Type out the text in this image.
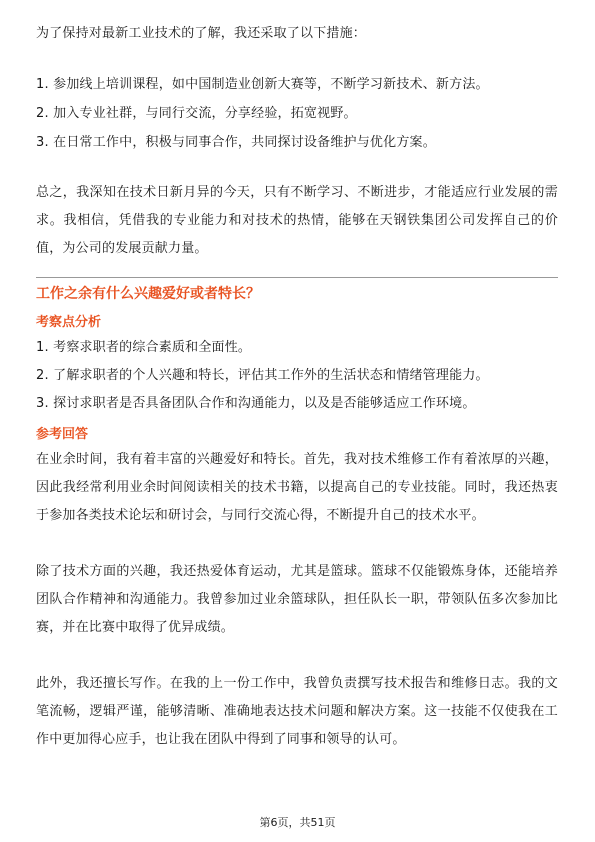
为了保持对最新工业技术的了解，我还采取了以下措施：

1. 参加线上培训课程，如中国制造业创新大赛等，不断学习新技术、新方法。

2. 加入专业社群，与同行交流，分享经验，拓宽视野。

3. 在日常工作中，积极与同事合作，共同探讨设备维护与优化方案。

总之，我深知在技术日新月异的今天，只有不断学习、不断进步，才能适应行业发展的需求。我相信，凭借我的专业能力和对技术的热情，能够在天钢铁集团公司发挥自己的价值，为公司的发展贡献力量。

工作之余有什么兴趣爱好或者特长？
考察点分析

1. 考察求职者的综合素质和全面性。

2. 了解求职者的个人兴趣和特长，评估其工作外的生活状态和情绪管理能力。

3. 探讨求职者是否具备团队合作和沟通能力，以及是否能够适应工作环境。

参考回答

在业余时间，我有着丰富的兴趣爱好和特长。首先，我对技术维修工作有着浓厚的兴趣，因此我经常利用业余时间阅读相关的技术书籍，以提高自己的专业技能。同时，我还热衷于参加各类技术论坛和研讨会，与同行交流心得，不断提升自己的技术水平。

除了技术方面的兴趣，我还热爱体育运动，尤其是篮球。篮球不仅能锻炼身体，还能培养团队合作精神和沟通能力。我曾参加过业余篮球队，担任队长一职，带领队伍多次参加比赛，并在比赛中取得了优异成绩。

此外，我还擅长写作。在我的上一份工作中，我曾负责撰写技术报告和维修日志。我的文笔流畅，逻辑严谨，能够清晰、准确地表达技术问题和解决方案。这一技能不仅使我在工作中更加得心应手，也让我在团队中得到了同事和领导的认可。

第6页，共51页
